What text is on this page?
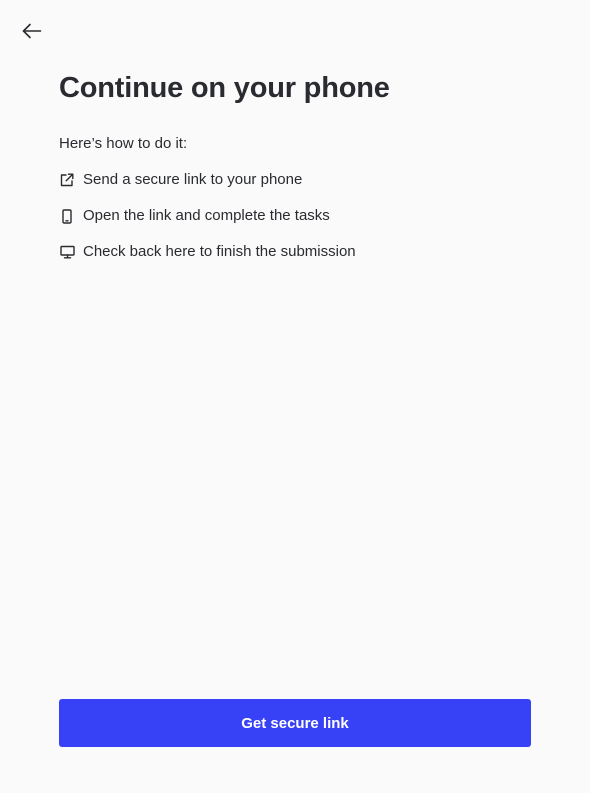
Continue on your phone
Here’s how to do it:
Send a secure link to your phone
Open the link and complete the tasks
Check back here to finish the submission
Get secure link
